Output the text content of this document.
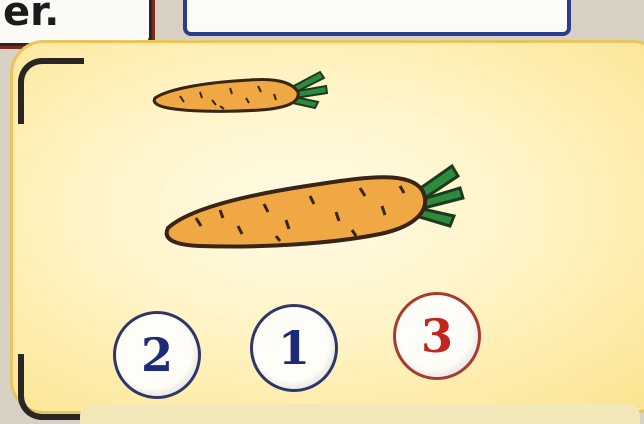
er.
2 1 3
